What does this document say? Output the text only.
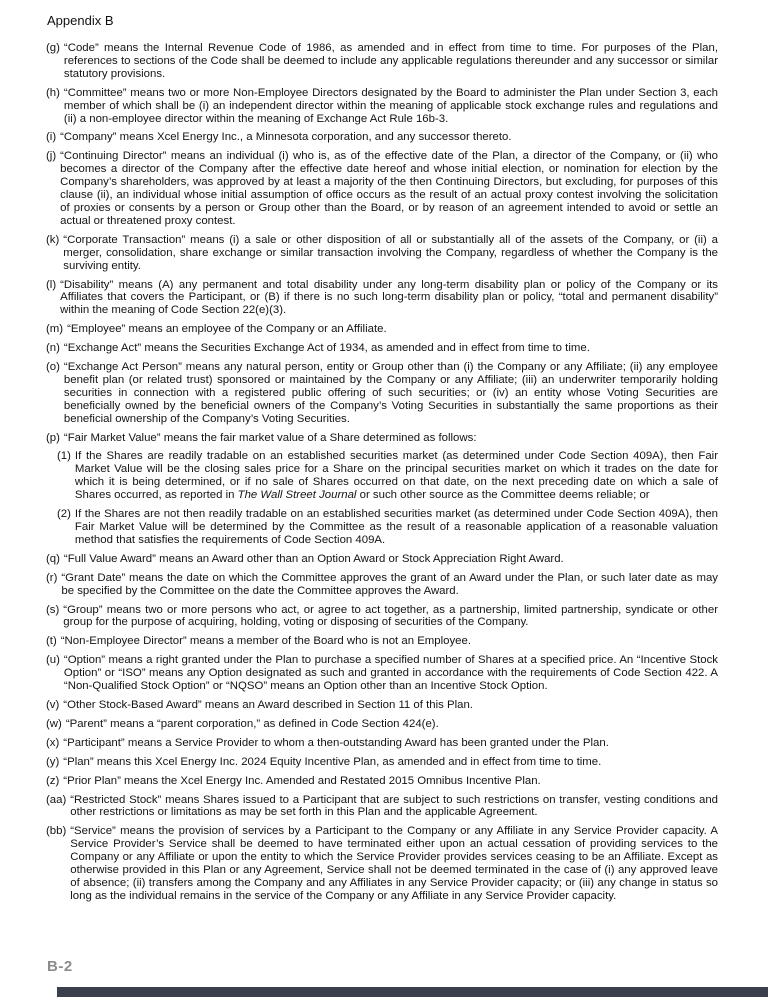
Appendix B
(g) “Code” means the Internal Revenue Code of 1986, as amended and in effect from time to time. For purposes of the Plan, references to sections of the Code shall be deemed to include any applicable regulations thereunder and any successor or similar statutory provisions.
(h) “Committee” means two or more Non-Employee Directors designated by the Board to administer the Plan under Section 3, each member of which shall be (i) an independent director within the meaning of applicable stock exchange rules and regulations and (ii) a non-employee director within the meaning of Exchange Act Rule 16b-3.
(i) “Company” means Xcel Energy Inc., a Minnesota corporation, and any successor thereto.
(j) “Continuing Director” means an individual (i) who is, as of the effective date of the Plan, a director of the Company, or (ii) who becomes a director of the Company after the effective date hereof and whose initial election, or nomination for election by the Company’s shareholders, was approved by at least a majority of the then Continuing Directors, but excluding, for purposes of this clause (ii), an individual whose initial assumption of office occurs as the result of an actual proxy contest involving the solicitation of proxies or consents by a person or Group other than the Board, or by reason of an agreement intended to avoid or settle an actual or threatened proxy contest.
(k) “Corporate Transaction” means (i) a sale or other disposition of all or substantially all of the assets of the Company, or (ii) a merger, consolidation, share exchange or similar transaction involving the Company, regardless of whether the Company is the surviving entity.
(l) “Disability” means (A) any permanent and total disability under any long-term disability plan or policy of the Company or its Affiliates that covers the Participant, or (B) if there is no such long-term disability plan or policy, “total and permanent disability” within the meaning of Code Section 22(e)(3).
(m) “Employee” means an employee of the Company or an Affiliate.
(n) “Exchange Act” means the Securities Exchange Act of 1934, as amended and in effect from time to time.
(o) “Exchange Act Person” means any natural person, entity or Group other than (i) the Company or any Affiliate; (ii) any employee benefit plan (or related trust) sponsored or maintained by the Company or any Affiliate; (iii) an underwriter temporarily holding securities in connection with a registered public offering of such securities; or (iv) an entity whose Voting Securities are beneficially owned by the beneficial owners of the Company’s Voting Securities in substantially the same proportions as their beneficial ownership of the Company’s Voting Securities.
(p) “Fair Market Value” means the fair market value of a Share determined as follows:
(1) If the Shares are readily tradable on an established securities market (as determined under Code Section 409A), then Fair Market Value will be the closing sales price for a Share on the principal securities market on which it trades on the date for which it is being determined, or if no sale of Shares occurred on that date, on the next preceding date on which a sale of Shares occurred, as reported in The Wall Street Journal or such other source as the Committee deems reliable; or
(2) If the Shares are not then readily tradable on an established securities market (as determined under Code Section 409A), then Fair Market Value will be determined by the Committee as the result of a reasonable application of a reasonable valuation method that satisfies the requirements of Code Section 409A.
(q) “Full Value Award” means an Award other than an Option Award or Stock Appreciation Right Award.
(r) “Grant Date” means the date on which the Committee approves the grant of an Award under the Plan, or such later date as may be specified by the Committee on the date the Committee approves the Award.
(s) “Group” means two or more persons who act, or agree to act together, as a partnership, limited partnership, syndicate or other group for the purpose of acquiring, holding, voting or disposing of securities of the Company.
(t) “Non-Employee Director” means a member of the Board who is not an Employee.
(u) “Option” means a right granted under the Plan to purchase a specified number of Shares at a specified price. An “Incentive Stock Option” or “ISO” means any Option designated as such and granted in accordance with the requirements of Code Section 422. A “Non-Qualified Stock Option” or “NQSO” means an Option other than an Incentive Stock Option.
(v) “Other Stock-Based Award” means an Award described in Section 11 of this Plan.
(w) “Parent” means a “parent corporation,” as defined in Code Section 424(e).
(x) “Participant” means a Service Provider to whom a then-outstanding Award has been granted under the Plan.
(y) “Plan” means this Xcel Energy Inc. 2024 Equity Incentive Plan, as amended and in effect from time to time.
(z) “Prior Plan” means the Xcel Energy Inc. Amended and Restated 2015 Omnibus Incentive Plan.
(aa) “Restricted Stock” means Shares issued to a Participant that are subject to such restrictions on transfer, vesting conditions and other restrictions or limitations as may be set forth in this Plan and the applicable Agreement.
(bb) “Service” means the provision of services by a Participant to the Company or any Affiliate in any Service Provider capacity. A Service Provider’s Service shall be deemed to have terminated either upon an actual cessation of providing services to the Company or any Affiliate or upon the entity to which the Service Provider provides services ceasing to be an Affiliate. Except as otherwise provided in this Plan or any Agreement, Service shall not be deemed terminated in the case of (i) any approved leave of absence; (ii) transfers among the Company and any Affiliates in any Service Provider capacity; or (iii) any change in status so long as the individual remains in the service of the Company or any Affiliate in any Service Provider capacity.
B-2
